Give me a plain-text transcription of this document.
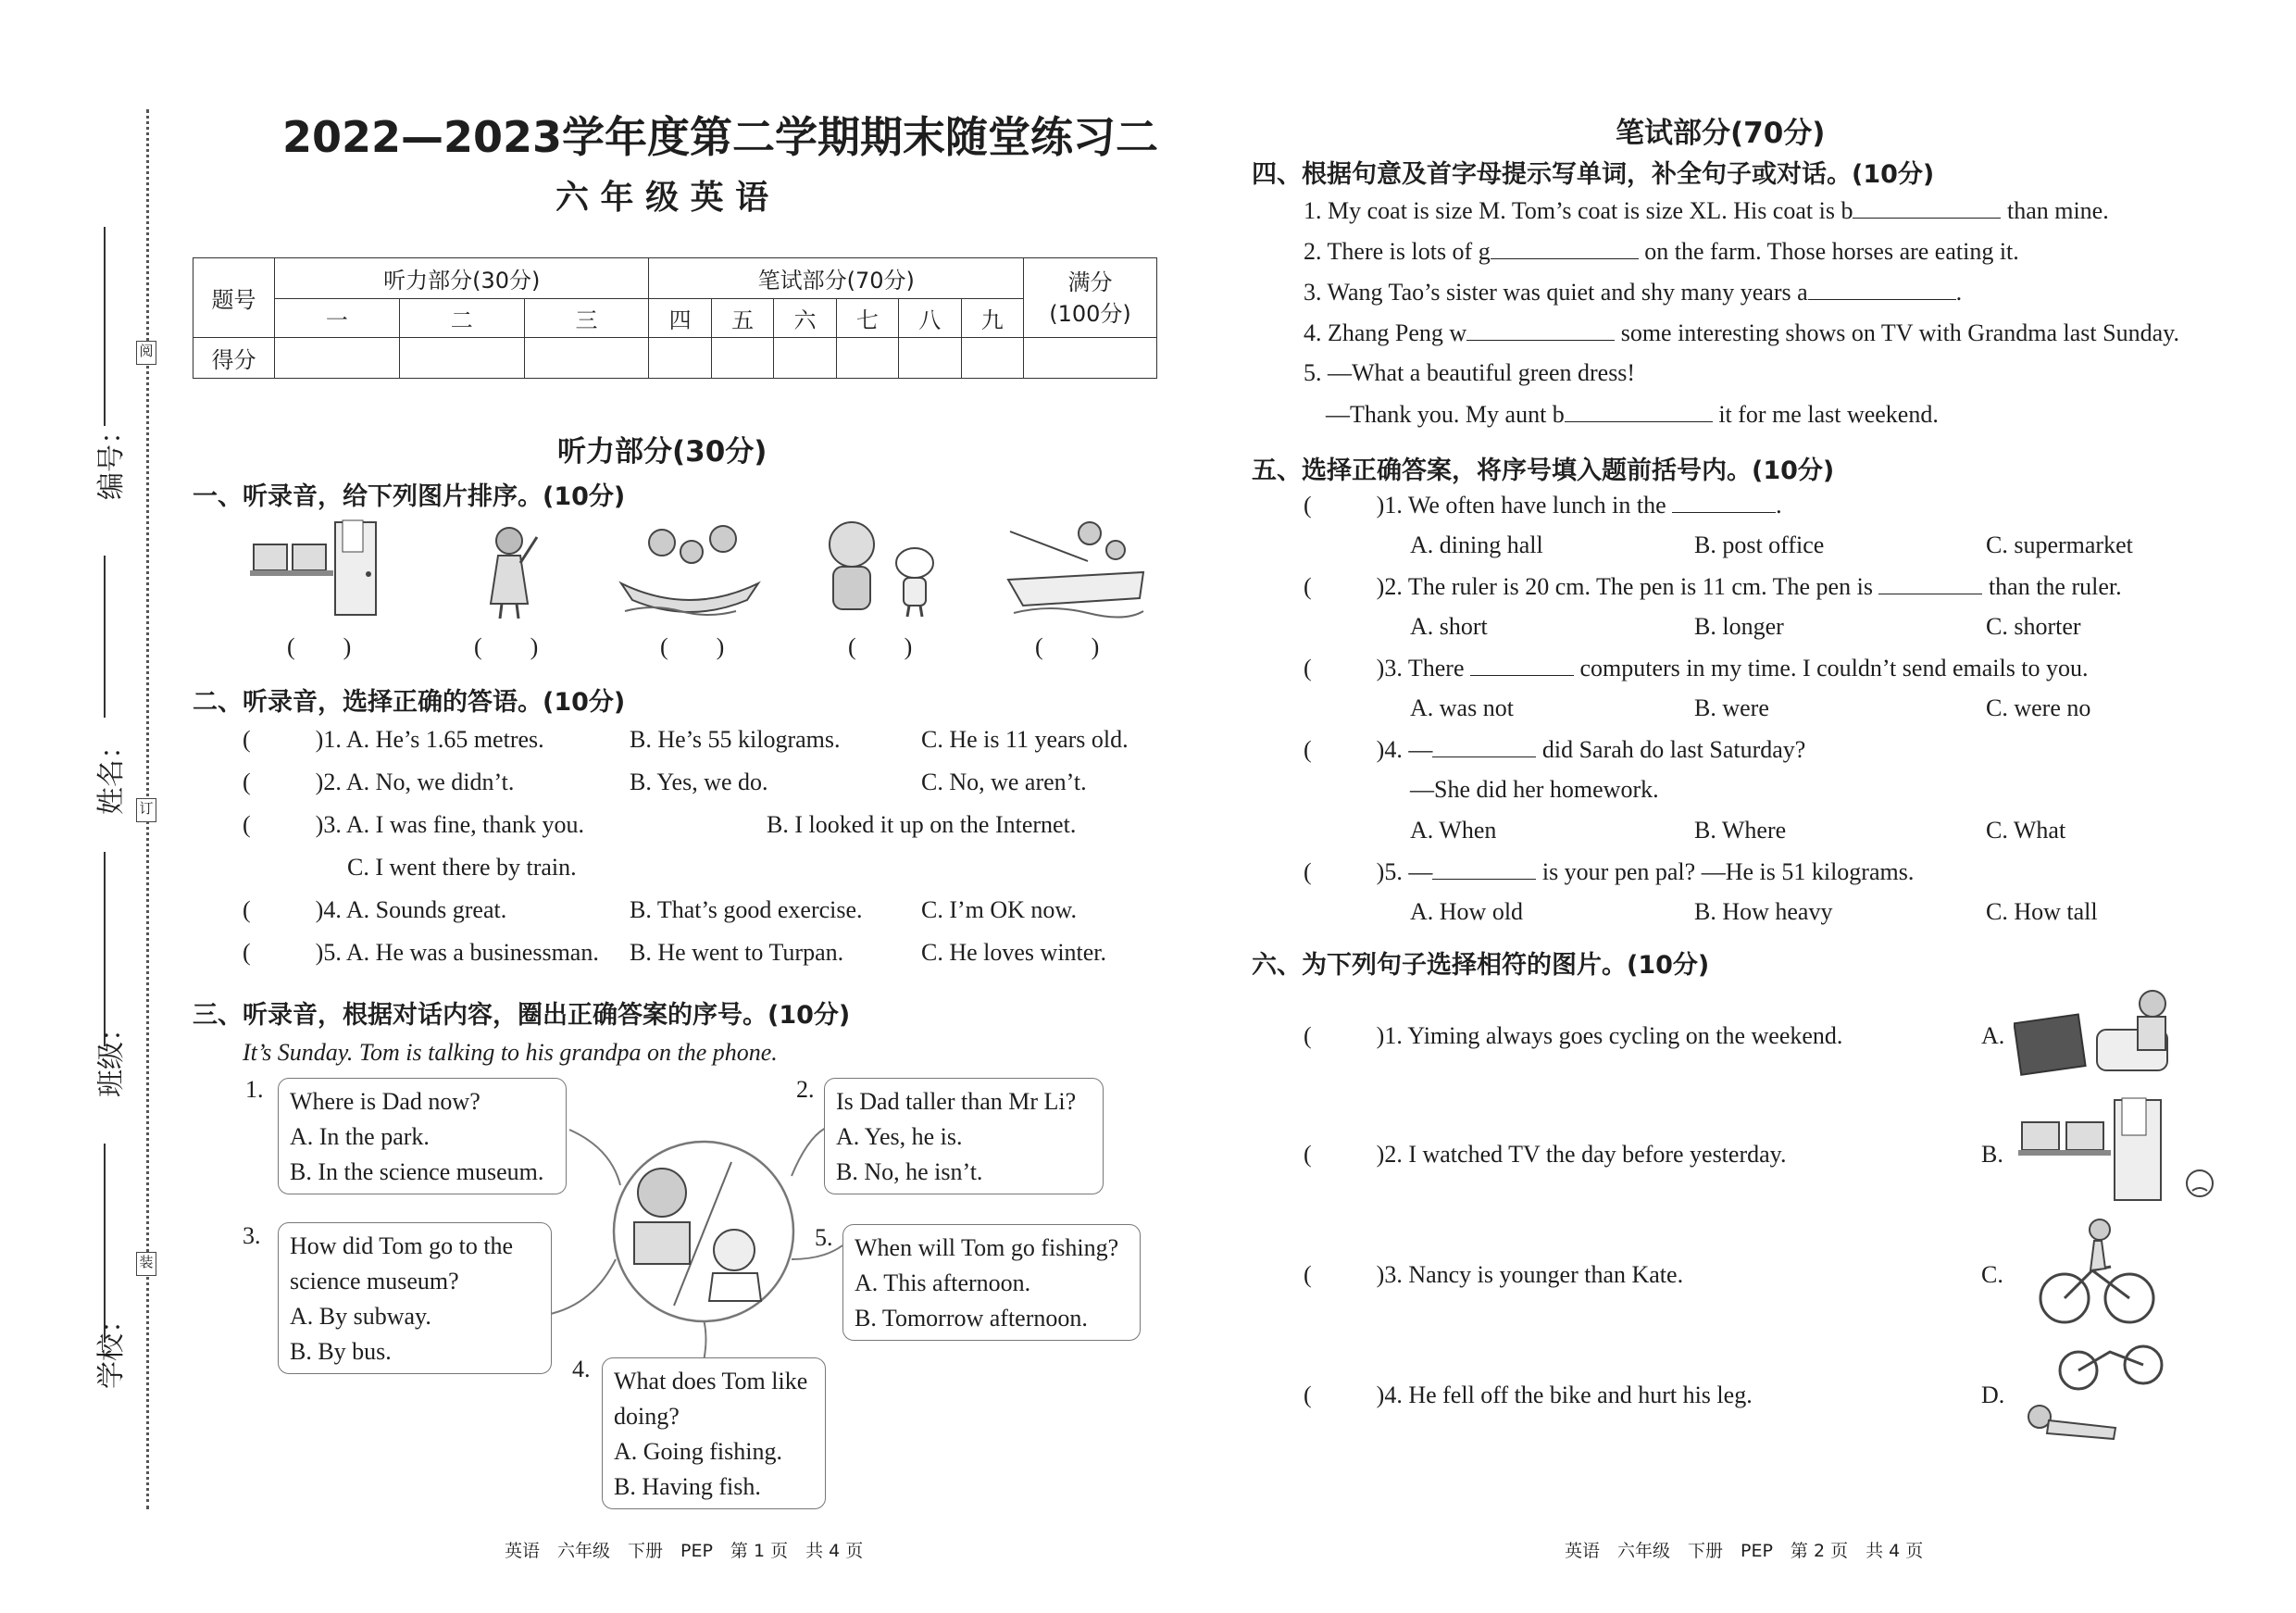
阅
订
装
编号：
姓名：
班级：
学校：
2022—2023学年度第二学期期末随堂练习二
六 年 级 英 语
题号	听力部分(30分)			笔试部分(70分)						满分
(100分)

	一	二	三	四	五	六	七	八	九	
得分										
听力部分(30分)
一、听录音，给下列图片排序。(10分)
(　　)	(　　)	(　　)	(　　)	(　　)
二、听录音，选择正确的答语。(10分)
(	)1. A. He’s 1.65 metres.	B. He’s 55 kilograms.	C. He is 11 years old.
(	)2. A. No, we didn’t.	B. Yes, we do.	C. No, we aren’t.
(	)3. A. I was fine, thank you.	B. I looked it up on the Internet.
C. I went there by train.
(	)4. A. Sounds great.	B. That’s good exercise. C. I’m OK now.
(	)5. A. He was a businessman. B. He went to Turpan.	C. He loves winter.
三、听录音，根据对话内容，圈出正确答案的序号。(10分)
It’s Sunday. Tom is talking to his grandpa on the phone.
1. Where is Dad now?
A. In the park.
B. In the science museum.
2. Is Dad taller than Mr Li?
A. Yes, he is.
B. No, he isn’t.
3. How did Tom go to the
science museum?
A. By subway.
B. By bus.
5. When will Tom go fishing?
A. This afternoon.
B. Tomorrow afternoon.
4. What does Tom like
doing?
A. Going fishing.
B. Having fish.
英语　六年级　下册　PEP　第 1 页　共 4 页
笔试部分(70分)
四、根据句意及首字母提示写单词，补全句子或对话。(10分)
1. My coat is size M. Tom’s coat is size XL. His coat is b	than mine.
2. There is lots of g	on the farm. Those horses are eating it.
3. Wang Tao’s sister was quiet and shy many years a	.
4. Zhang Peng w	some interesting shows on TV with Grandma last Sunday.
5. —What a beautiful green dress!
—Thank you. My aunt b	it for me last weekend.
五、选择正确答案，将序号填入题前括号内。(10分)
(	)1. We often have lunch in the	.
A. dining hall	B. post office	C. supermarket
(	)2. The ruler is 20 cm. The pen is 11 cm. The pen is	than the ruler.
A. short	B. longer	C. shorter
(	)3. There	computers in my time. I couldn’t send emails to you.
A. was not	B. were	C. were no
(	)4. —	did Sarah do last Saturday?
—She did her homework.
A. When	B. Where	C. What
(	)5. —	is your pen pal? —He is 51 kilograms.
A. How old	B. How heavy	C. How tall
六、为下列句子选择相符的图片。(10分)
(	)1. Yiming always goes cycling on the weekend.	A.
(	)2. I watched TV the day before yesterday.	B.
(	)3. Nancy is younger than Kate.	C.
(	)4. He fell off the bike and hurt his leg.	D.
英语　六年级　下册　PEP　第 2 页　共 4 页
